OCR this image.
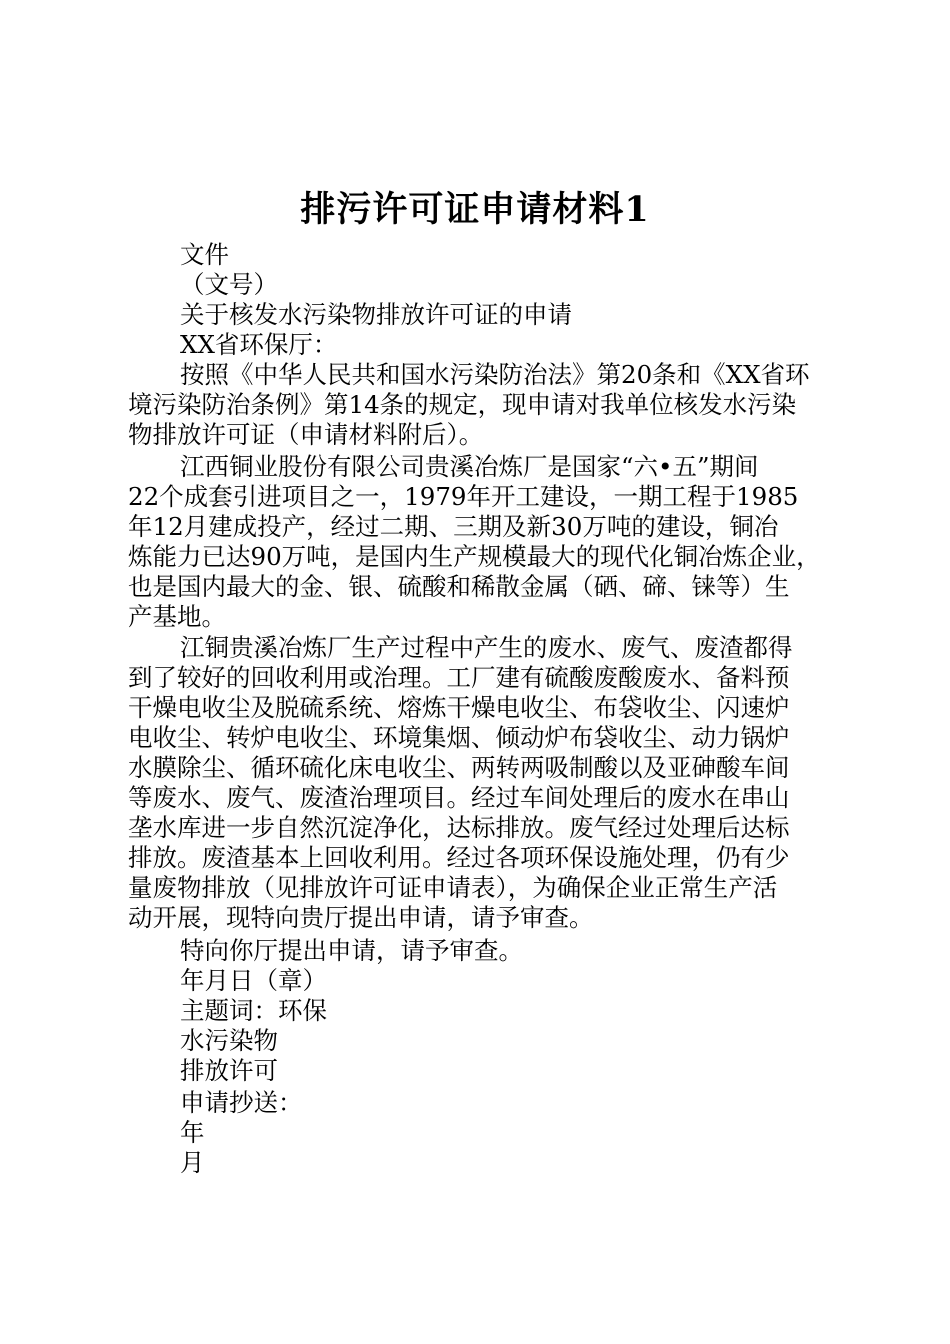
排污许可证申请材料1
文件
（文号）
关于核发水污染物排放许可证的申请
XX省环保厅：
按照《中华人民共和国水污染防治法》第20条和《XX省环
境污染防治条例》第14条的规定，现申请对我单位核发水污染
物排放许可证（申请材料附后）。
江西铜业股份有限公司贵溪冶炼厂是国家“六•五”期间
22个成套引进项目之一，1979年开工建设，一期工程于1985
年12月建成投产，经过二期、三期及新30万吨的建设，铜冶
炼能力已达90万吨，是国内生产规模最大的现代化铜冶炼企业，
也是国内最大的金、银、硫酸和稀散金属（硒、碲、铼等）生
产基地。
江铜贵溪冶炼厂生产过程中产生的废水、废气、废渣都得
到了较好的回收利用或治理。工厂建有硫酸废酸废水、备料预
干燥电收尘及脱硫系统、熔炼干燥电收尘、布袋收尘、闪速炉
电收尘、转炉电收尘、环境集烟、倾动炉布袋收尘、动力锅炉
水膜除尘、循环硫化床电收尘、两转两吸制酸以及亚砷酸车间
等废水、废气、废渣治理项目。经过车间处理后的废水在串山
垄水库进一步自然沉淀净化，达标排放。废气经过处理后达标
排放。废渣基本上回收利用。经过各项环保设施处理，仍有少
量废物排放（见排放许可证申请表），为确保企业正常生产活
动开展，现特向贵厅提出申请，请予审查。
特向你厅提出申请，请予审查。
年月日（章）
主题词：环保
水污染物
排放许可
申请抄送：
年
月
